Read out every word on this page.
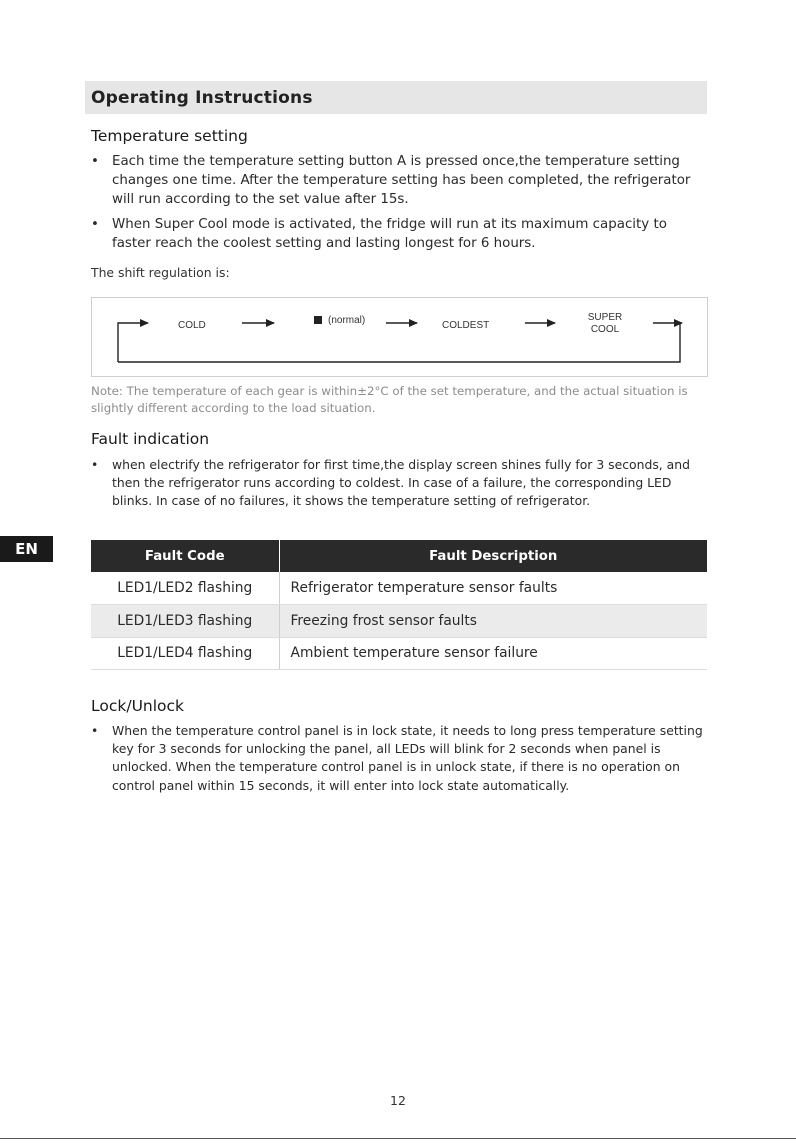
Operating Instructions
Temperature setting
• Each time the temperature setting button A is pressed once,the temperature setting changes one time. After the temperature setting has been completed, the refrigerator will run according to the set value after 15s.
• When Super Cool mode is activated, the fridge will run at its maximum capacity to faster reach the coolest setting and lasting longest for 6 hours.
The shift regulation is:
COLD	(normal)	COLDEST
SUPER
COOL
Note: The temperature of each gear is within±2°C of the set temperature, and the actual situation is slightly different according to the load situation.
Fault indication
• when electrify the refrigerator for first time,the display screen shines fully for 3 seconds, and then the refrigerator runs according to coldest. In case of a failure, the corresponding LED blinks. In case of no failures, it shows the temperature setting of refrigerator.
EN	Fault Code	Fault Description
LED1/LED2 flashing	Refrigerator temperature sensor faults
LED1/LED3 flashing	Freezing frost sensor faults
LED1/LED4 flashing	Ambient temperature sensor failure
Lock/Unlock
• When the temperature control panel is in lock state, it needs to long press temperature setting key for 3 seconds for unlocking the panel, all LEDs will blink for 2 seconds when panel is unlocked. When the temperature control panel is in unlock state, if there is no operation on control panel within 15 seconds, it will enter into lock state automatically.
12
